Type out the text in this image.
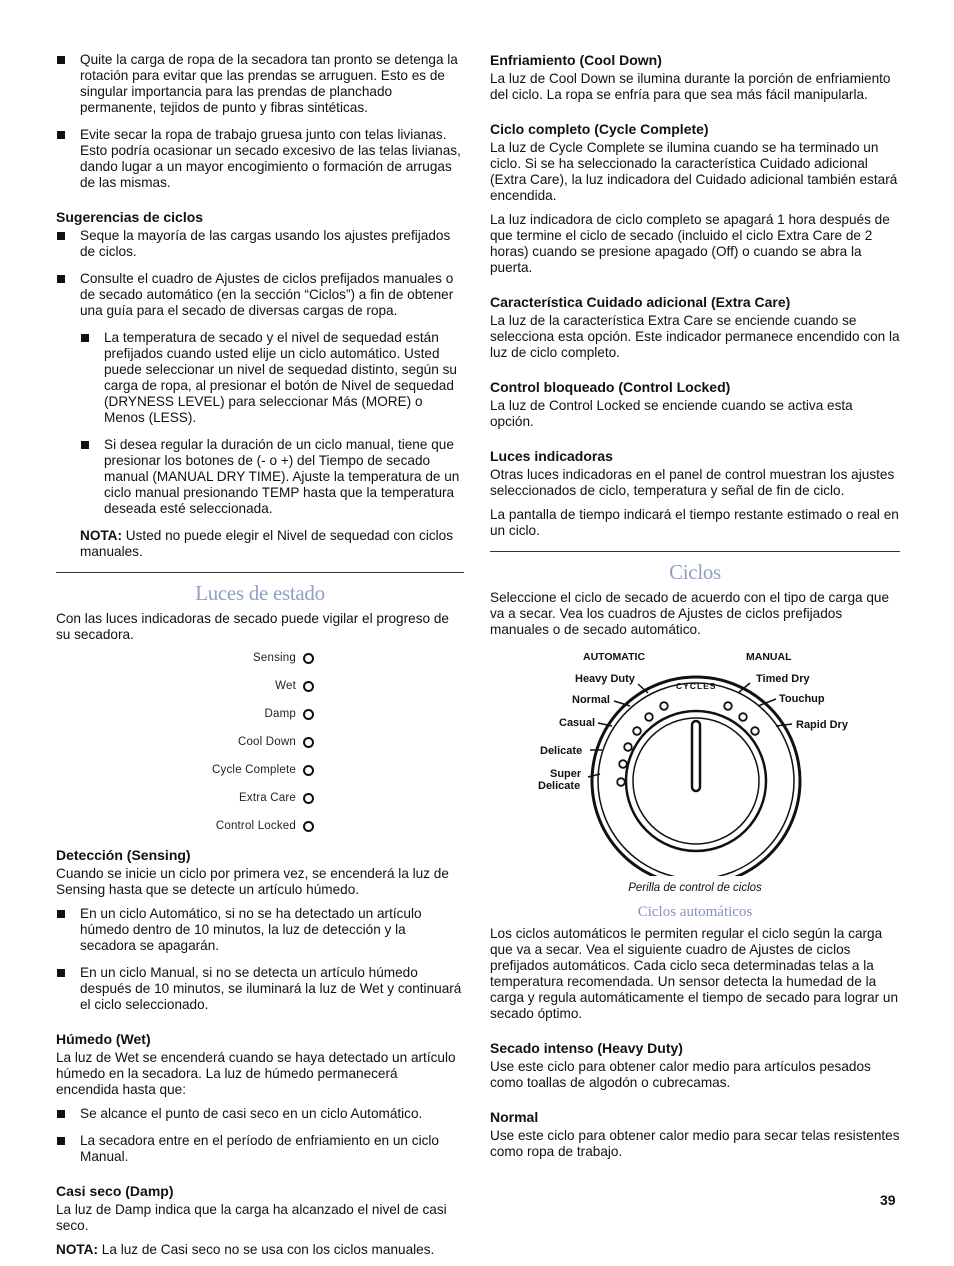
Quite la carga de ropa de la secadora tan pronto se detenga la rotación para evitar que las prendas se arruguen. Esto es de singular importancia para las prendas de planchado permanente, tejidos de punto y fibras sintéticas.

Evite secar la ropa de trabajo gruesa junto con telas livianas. Esto podría ocasionar un secado excesivo de las telas livianas, dando lugar a un mayor encogimiento o formación de arrugas de las mismas.

Sugerencias de ciclos

Seque la mayoría de las cargas usando los ajustes prefijados de ciclos.

Consulte el cuadro de Ajustes de ciclos prefijados manuales o de secado automático (en la sección “Ciclos”) a fin de obtener una guía para el secado de diversas cargas de ropa.

La temperatura de secado y el nivel de sequedad están prefijados cuando usted elije un ciclo automático. Usted puede seleccionar un nivel de sequedad distinto, según su carga de ropa, al presionar el botón de Nivel de sequedad (DRYNESS LEVEL) para seleccionar Más (MORE) o Menos (LESS).

Si desea regular la duración de un ciclo manual, tiene que presionar los botones de (- o +) del Tiempo de secado manual (MANUAL DRY TIME). Ajuste la temperatura de un ciclo manual presionando TEMP hasta que la temperatura deseada esté seleccionada.

NOTA: Usted no puede elegir el Nivel de sequedad con ciclos manuales.

Luces de estado

Con las luces indicadoras de secado puede vigilar el progreso de su secadora.

Sensing
Wet
Damp
Cool Down
Cycle Complete
Extra Care
Control Locked
Detección (Sensing)

Cuando se inicie un ciclo por primera vez, se encenderá la luz de Sensing hasta que se detecte un artículo húmedo.

En un ciclo Automático, si no se ha detectado un artículo húmedo dentro de 10 minutos, la luz de detección y la secadora se apagarán.

En un ciclo Manual, si no se detecta un artículo húmedo después de 10 minutos, se iluminará la luz de Wet y continuará el ciclo seleccionado.

Húmedo (Wet)

La luz de Wet se encenderá cuando se haya detectado un artículo húmedo en la secadora. La luz de húmedo permanecerá encendida hasta que:

Se alcance el punto de casi seco en un ciclo Automático.

La secadora entre en el período de enfriamiento en un ciclo Manual.

Casi seco (Damp)

La luz de Damp indica que la carga ha alcanzado el nivel de casi seco.

NOTA: La luz de Casi seco no se usa con los ciclos manuales.

Enfriamiento (Cool Down)

La luz de Cool Down se ilumina durante la porción de enfriamiento del ciclo. La ropa se enfría para que sea más fácil manipularla.

Ciclo completo (Cycle Complete)

La luz de Cycle Complete se ilumina cuando se ha terminado un ciclo. Si se ha seleccionado la característica Cuidado adicional (Extra Care), la luz indicadora del Cuidado adicional también estará encendida.

La luz indicadora de ciclo completo se apagará 1 hora después de que termine el ciclo de secado (incluido el ciclo Extra Care de 2 horas) cuando se presione apagado (Off) o cuando se abra la puerta.

Característica Cuidado adicional (Extra Care)

La luz de la característica Extra Care se enciende cuando se selecciona esta opción. Este indicador permanece encendido con la luz de ciclo completo.

Control bloqueado (Control Locked)

La luz de Control Locked se enciende cuando se activa esta opción.

Luces indicadoras

Otras luces indicadoras en el panel de control muestran los ajustes seleccionados de ciclo, temperatura y señal de fin de ciclo.

La pantalla de tiempo indicará el tiempo restante estimado o real en un ciclo.

Ciclos

Seleccione el ciclo de secado de acuerdo con el tipo de carga que va a secar. Vea los cuadros de Ajustes de ciclos prefijados manuales o de secado automático.

AUTOMATIC	MANUAL
CYCLES
Heavy Duty
Normal
Casual
Delicate
Super
Delicate
Timed Dry
Touchup
Rapid Dry

Perilla de control de ciclos

Ciclos automáticos

Los ciclos automáticos le permiten regular el ciclo según la carga que va a secar. Vea el siguiente cuadro de Ajustes de ciclos prefijados automáticos. Cada ciclo seca determinadas telas a la temperatura recomendada. Un sensor detecta la humedad de la carga y regula automáticamente el tiempo de secado para lograr un secado óptimo.

Secado intenso (Heavy Duty)

Use este ciclo para obtener calor medio para artículos pesados como toallas de algodón o cubrecamas.

Normal

Use este ciclo para obtener calor medio para secar telas resistentes como ropa de trabajo.

39
